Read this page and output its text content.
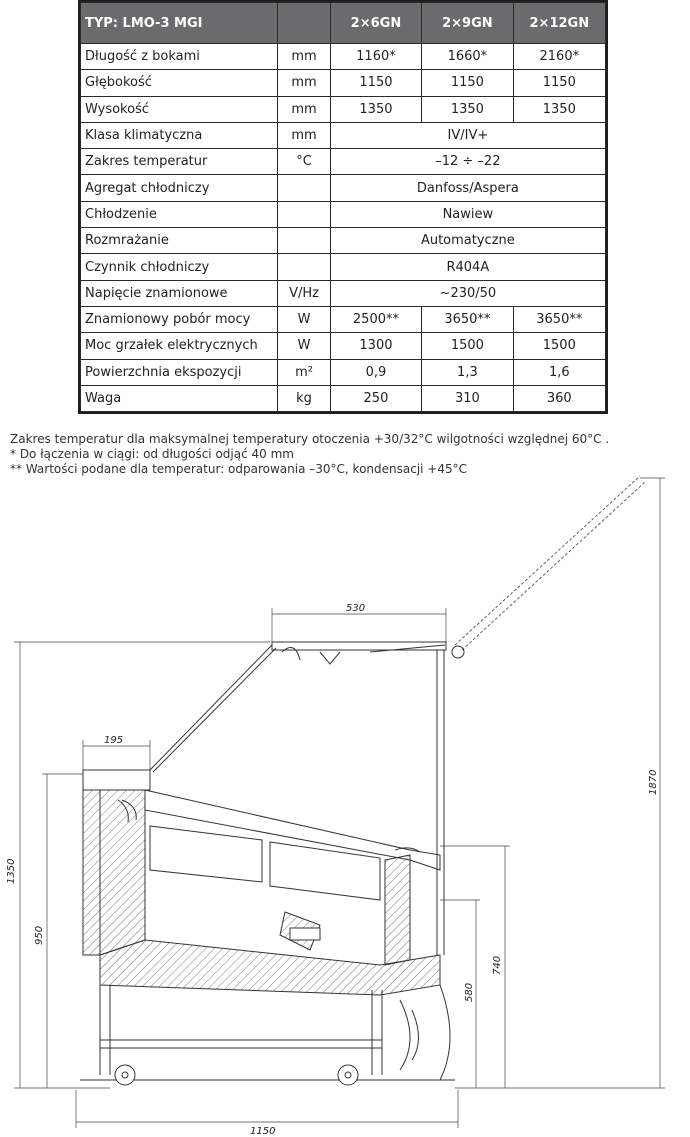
TYP: LMO-3 MGI		2×6GN	2×9GN	2×12GN
Długość z bokami	mm	1160*	1660*	2160*
Głębokość	mm	1150	1150	1150
Wysokość	mm	1350	1350	1350
Klasa klimatyczna	mm	IV/IV+		
Zakres temperatur	°C	–12 ÷ –22		
Agregat chłodniczy		Danfoss/Aspera		
Chłodzenie		Nawiew		
Rozmrażanie		Automatyczne		
Czynnik chłodniczy		R404A		
Napięcie znamionowe	V/Hz	~230/50		
Znamionowy pobór mocy	W	2500**	3650**	3650**
Moc grzałek elektrycznych	W	1300	1500	1500
Powierzchnia ekspozycji	m²	0,9	1,3	1,6
Waga	kg	250	310	360
Zakres temperatur dla maksymalnej temperatury otoczenia +30/32°C wilgotności względnej 60°C .
* Do łączenia w ciągi: od długości odjąć 40 mm
** Wartości podane dla temperatur: odparowania –30°C, kondensacji +45°C
530
195
1350
950
1870
740
580
1150
